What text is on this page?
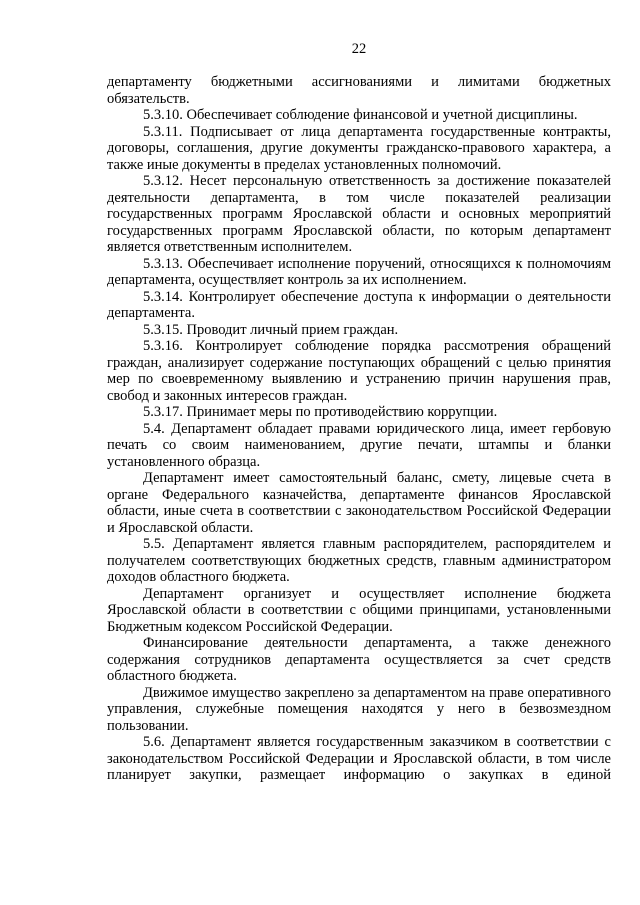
22

департаменту бюджетными ассигнованиями и лимитами бюджетных обязательств.

5.3.10. Обеспечивает соблюдение финансовой и учетной дисциплины.

5.3.11. Подписывает от лица департамента государственные контракты, договоры, соглашения, другие документы гражданско-правового характера, а также иные документы в пределах установленных полномочий.

5.3.12. Несет персональную ответственность за достижение показателей деятельности департамента, в том числе показателей реализации государственных программ Ярославской области и основных мероприятий государственных программ Ярославской области, по которым департамент является ответственным исполнителем.

5.3.13. Обеспечивает исполнение поручений, относящихся к полномочиям департамента, осуществляет контроль за их исполнением.

5.3.14. Контролирует обеспечение доступа к информации о деятельности департамента.

5.3.15. Проводит личный прием граждан.

5.3.16. Контролирует соблюдение порядка рассмотрения обращений граждан, анализирует содержание поступающих обращений с целью принятия мер по своевременному выявлению и устранению причин нарушения прав, свобод и законных интересов граждан.

5.3.17. Принимает меры по противодействию коррупции.

5.4. Департамент обладает правами юридического лица, имеет гербовую печать со своим наименованием, другие печати, штампы и бланки установленного образца.

Департамент имеет самостоятельный баланс, смету, лицевые счета в органе Федерального казначейства, департаменте финансов Ярославской области, иные счета в соответствии с законодательством Российской Федерации и Ярославской области.

5.5. Департамент является главным распорядителем, распорядителем и получателем соответствующих бюджетных средств, главным администратором доходов областного бюджета.

Департамент организует и осуществляет исполнение бюджета Ярославской области в соответствии с общими принципами, установленными Бюджетным кодексом Российской Федерации.

Финансирование деятельности департамента, а также денежного содержания сотрудников департамента осуществляется за счет средств областного бюджета.

Движимое имущество закреплено за департаментом на праве оперативного управления, служебные помещения находятся у него в безвозмездном пользовании.

5.6. Департамент является государственным заказчиком в соответствии с законодательством Российской Федерации и Ярославской области, в том числе планирует закупки, размещает информацию о закупках в единой
